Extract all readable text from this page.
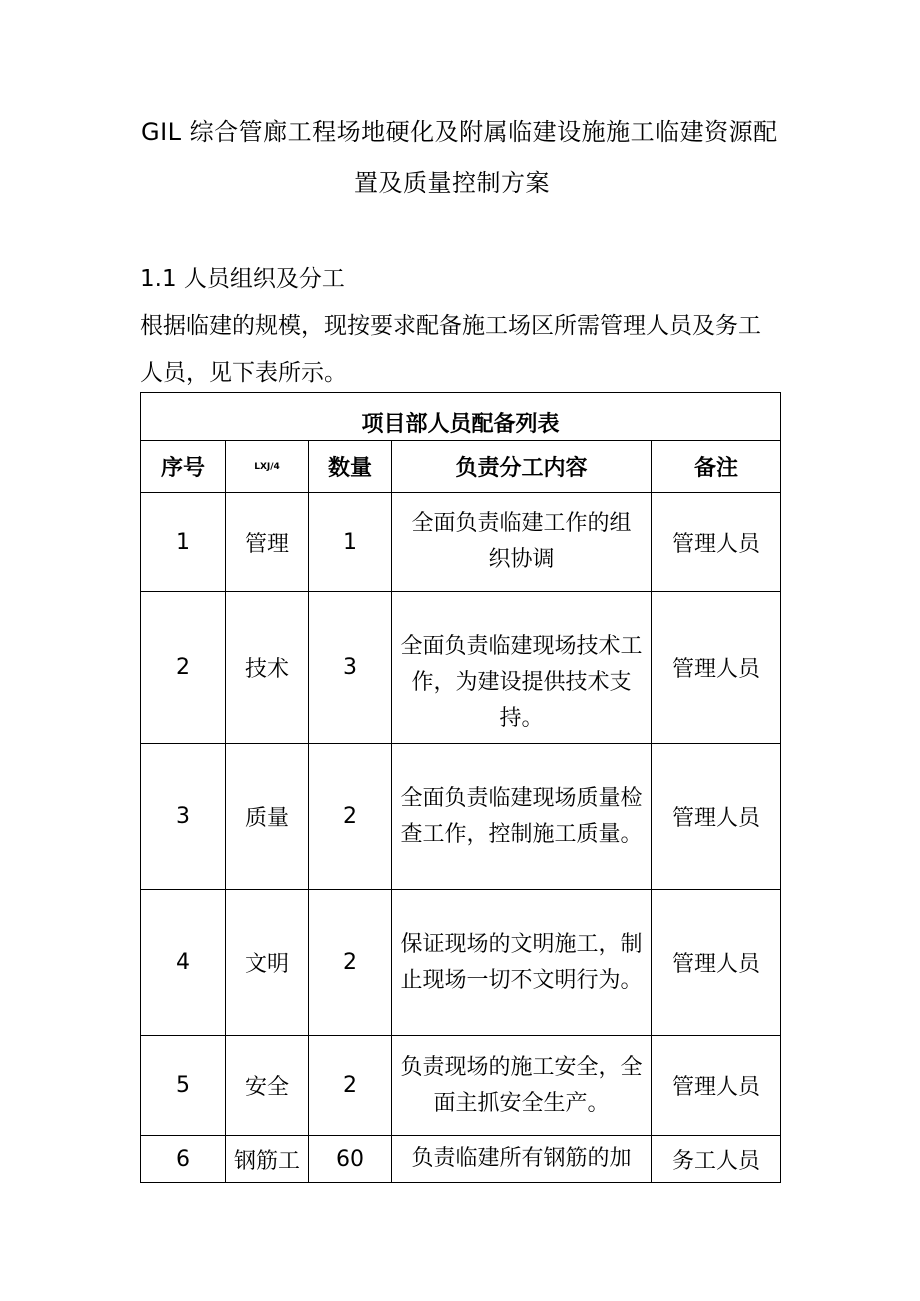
GIL 综合管廊工程场地硬化及附属临建设施施工临建资源配
置及质量控制方案
1.1 人员组织及分工
根据临建的规模，现按要求配备施工场区所需管理人员及务工
人员，见下表所示。
项目部人员配备列表				
序号	LXJ/4	数量	负责分工内容	备注
1	管理	1	全面负责临建工作的组
织协调	管理人员
2	技术	3	全面负责临建现场技术工
作，为建设提供技术支持。	管理人员
3	质量	2	全面负责临建现场质量检
查工作，控制施工质量。	管理人员
4	文明	2	保证现场的文明施工，制
止现场一切不文明行为。	管理人员
5	安全	2	负责现场的施工安全，全
面主抓安全生产。	管理人员
6	钢筋工	60	负责临建所有钢筋的加	务工人员
